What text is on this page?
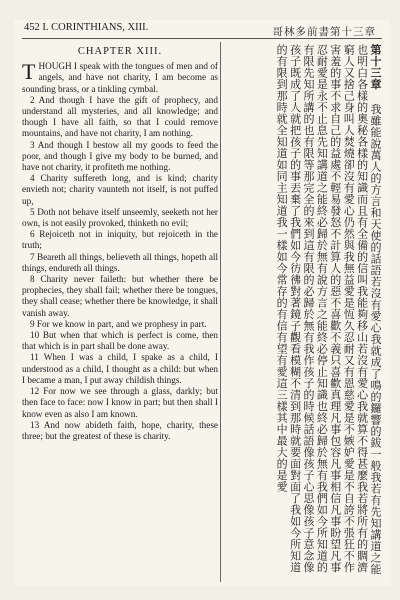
452 I. CORINTHIANS, XIII.	哥林多前書第十三章
CHAPTER XIII.

THOUGH I speak with the tongues of men and of angels, and have not charity, I am become as sounding brass, or a tinkling cymbal.

2 And though I have the gift of prophecy, and understand all mysteries, and all knowledge; and though I have all faith, so that I could remove mountains, and have not charity, I am nothing.

3 And though I bestow all my goods to feed the poor, and though I give my body to be burned, and have not charity, it profiteth me nothing.

4 Charity suffereth long, and is kind; charity envieth not; charity vaunteth not itself, is not puffed up,

5 Doth not behave itself unseemly, seeketh not her own, is not easily provoked, thinketh no evil;

6 Rejoiceth not in iniquity, but rejoiceth in the truth;

7 Beareth all things, believeth all things, hopeth all things, endureth all things.

8 Charity never faileth: but whether there be prophecies, they shall fail; whether there be tongues, they shall cease; whether there be knowledge, it shall vanish away.

9 For we know in part, and we prophesy in part.

10 But when that which is perfect is come, then that which is in part shall be done away.

11 When I was a child, I spake as a child, I understood as a child, I thought as a child: but when I became a man, I put away childish things.

12 For now we see through a glass, darkly; but then face to face: now I know in part; but then shall I know even as also I am known.

13 And now abideth faith, hope, charity, these three; but the greatest of these is charity.

第十三章 我雖能說萬人的方言和天使的話語若沒有愛心我就成了鳴的鑼響的鈸一般我若有先知講道之能也明白各樣的奧秘各樣的知識而且有全備的信叫我能夠移山若沒有愛心我就算不得甚麼我若將所有的賙濟窮人又捨己身叫人焚燒卻沒有愛心仍然與我無益愛是恆久忍耐又有恩慈愛是不嫉妒愛是不自誇不張狂不作害羞的事不求自己的益處不輕易發怒不計算人的惡不喜歡不義只喜歡真理凡事包容凡事相信凡事盼望凡事忍耐愛是永不止息先知講道之能終必歸於無有說方言之能終必停止知識也終必歸於無有我們如今所知道的有限先知所講的也有限等那完全的來到這有限的必歸於無有我作孩子的時候話語像孩子心思像孩子意念像孩子既成了人就把孩子的事丟棄了我們如今彷彿對著鏡子觀看模糊不清到那時就要面對面了我如今所知道的有限到那時就全知道如同主知道我一樣如今常存的有信有望有愛這三樣其中最大的是愛
